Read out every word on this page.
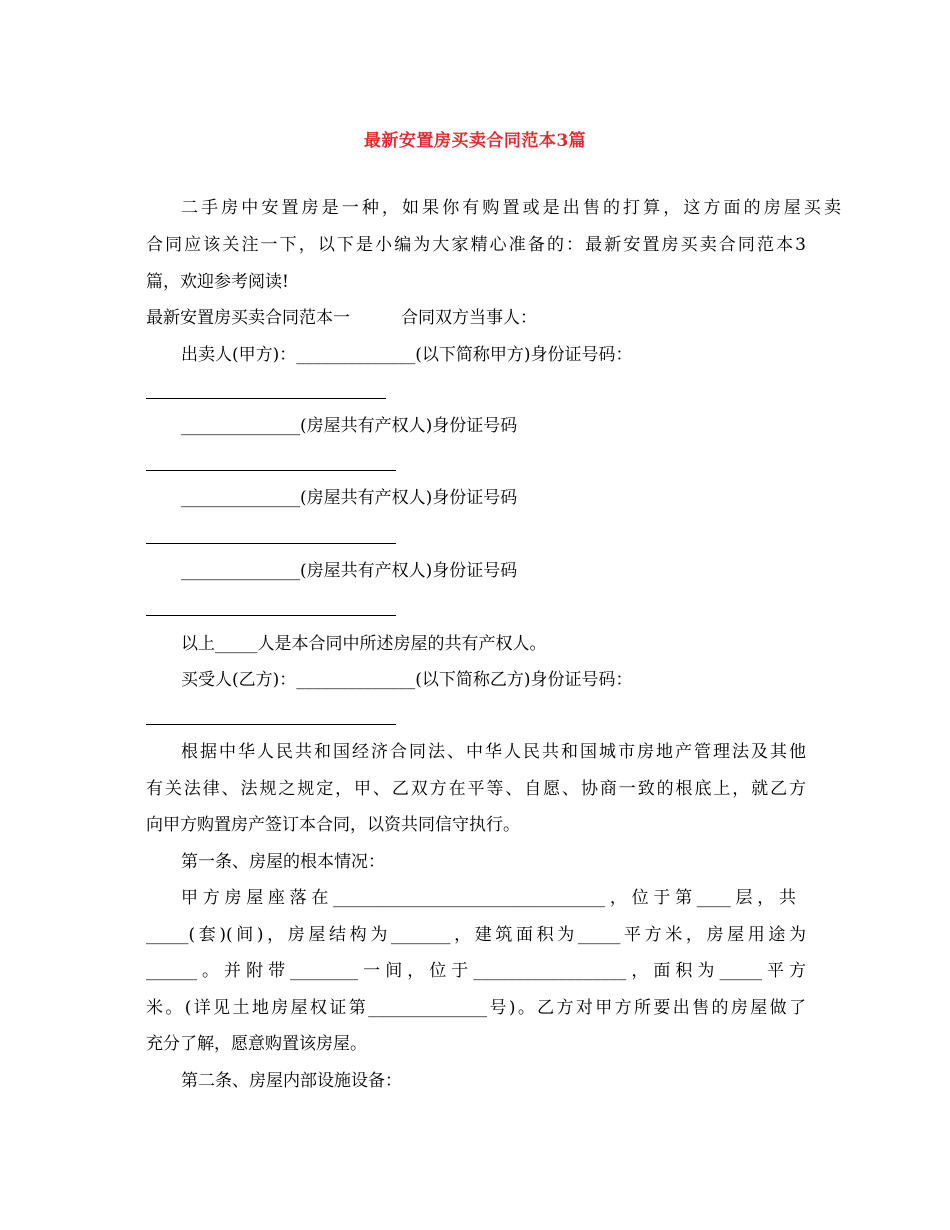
最新安置房买卖合同范本3篇
二手房中安置房是一种，如果你有购置或是出售的打算，这方面的房屋买卖
合同应该关注一下，以下是小编为大家精心准备的：最新安置房买卖合同范本3
篇，欢迎参考阅读!
最新安置房买卖合同范本一　　　合同双方当事人：
出卖人(甲方)：______________(以下简称甲方)身份证号码：
______________(房屋共有产权人)身份证号码
______________(房屋共有产权人)身份证号码
______________(房屋共有产权人)身份证号码
以上_____人是本合同中所述房屋的共有产权人。
买受人(乙方)：______________(以下简称乙方)身份证号码：
根据中华人民共和国经济合同法、中华人民共和国城市房地产管理法及其他
有关法律、法规之规定，甲、乙双方在平等、自愿、协商一致的根底上，就乙方
向甲方购置房产签订本合同，以资共同信守执行。
第一条、房屋的根本情况：
甲方房屋座落在________________________________，位于第____层，共
_____(套)(间)，房屋结构为_______，建筑面积为_____平方米，房屋用途为
______。并附带________一间，位于__________________，面积为_____平方
米。(详见土地房屋权证第______________号)。乙方对甲方所要出售的房屋做了
充分了解，愿意购置该房屋。
第二条、房屋内部设施设备：
